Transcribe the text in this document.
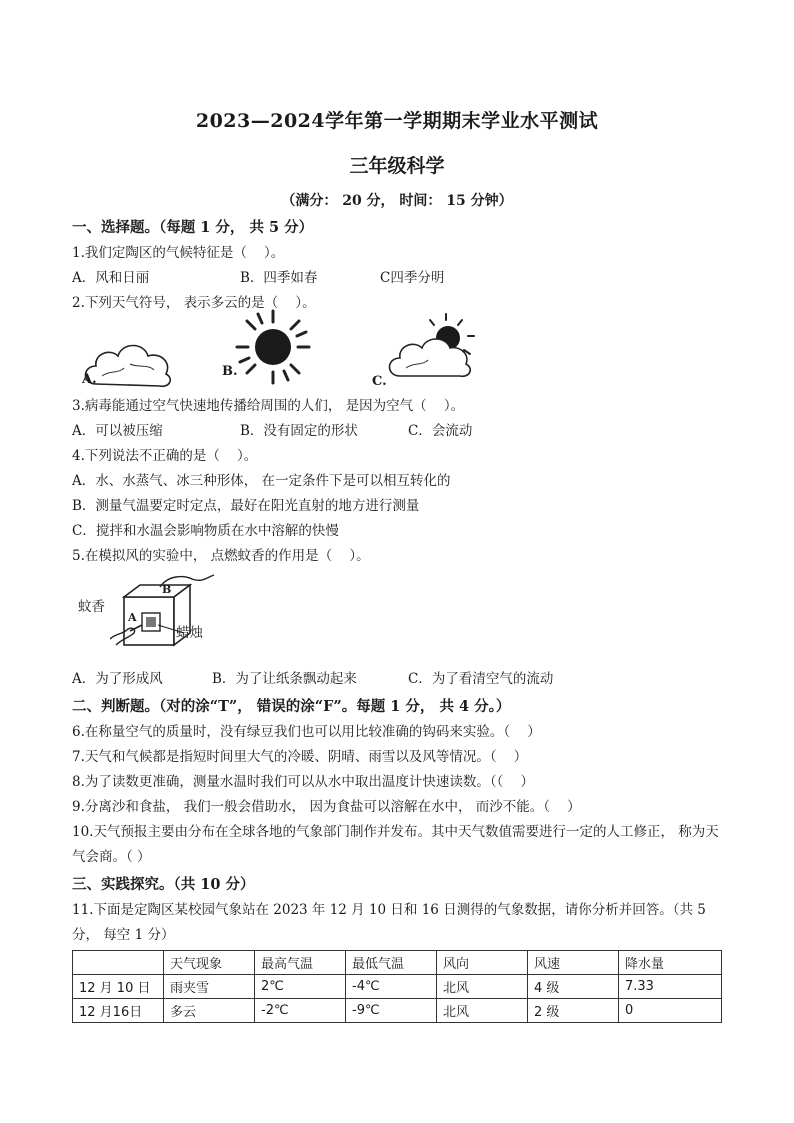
2023—2024学年第一学期期末学业水平测试
三年级科学
（满分： 20 分， 时间： 15 分钟）
一、选择题。（每题 1 分， 共 5 分）
1.我们定陶区的气候特征是（    ）。
A．风和日丽	B．四季如春	C四季分明
2.下列天气符号， 表示多云的是（    ）。
A.
B.
C.
3.病毒能通过空气快速地传播给周围的人们， 是因为空气（    ）。
A．可以被压缩	B．没有固定的形状	C．会流动
4.下列说法不正确的是（    ）。
A．水、水蒸气、冰三种形体， 在一定条件下是可以相互转化的
B．测量气温要定时定点，最好在阳光直射的地方进行测量
C．搅拌和水温会影响物质在水中溶解的快慢
5.在模拟风的实验中， 点燃蚊香的作用是（    ）。
蚊香
A
B
蜡烛
A．为了形成风	B．为了让纸条飘动起来	C．为了看清空气的流动
二、判断题。（对的涂“T”， 错误的涂“F”。每题 1 分， 共 4 分。）
6.在称量空气的质量时，没有绿豆我们也可以用比较准确的钩码来实验。（    ）
7.天气和气候都是指短时间里大气的冷暖、阴晴、雨雪以及风等情况。（    ）
8.为了读数更准确，测量水温时我们可以从水中取出温度计快速读数。（（    ）
9.分离沙和食盐， 我们一般会借助水， 因为食盐可以溶解在水中， 而沙不能。（    ）
10.天气预报主要由分布在全球各地的气象部门制作并发布。其中天气数值需要进行一定的人工修正， 称为天气会商。（ ）
三、实践探究。（共 10 分）
11.下面是定陶区某校园气象站在 2023 年 12 月 10 日和 16 日测得的气象数据，请你分析并回答。（共 5 分， 每空 1 分）
	天气现象	最高气温	最低气温	风向	风速	降水量
12 月 10 日	雨夹雪	2℃	-4℃	北风	4 级	7.33
12 月16日	多云	-2℃	-9℃	北风	2 级	0
